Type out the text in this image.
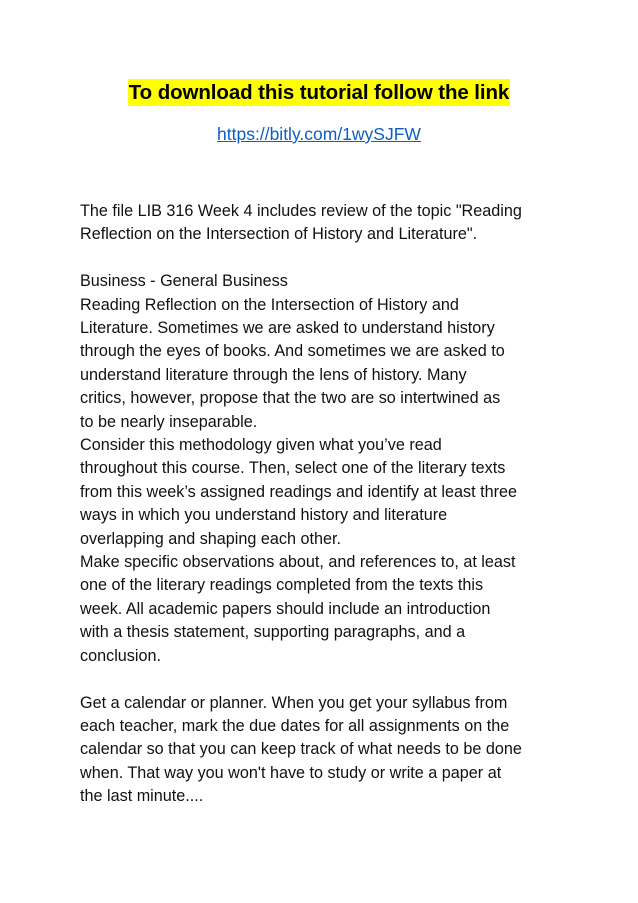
To download this tutorial follow the link
https://bitly.com/1wySJFW
The file LIB 316 Week 4 includes review of the topic "Reading
Reflection on the Intersection of History and Literature".
Business - General Business
Reading Reflection on the Intersection of History and
Literature. Sometimes we are asked to understand history
through the eyes of books. And sometimes we are asked to
understand literature through the lens of history. Many
critics, however, propose that the two are so intertwined as
to be nearly inseparable.
Consider this methodology given what you’ve read
throughout this course. Then, select one of the literary texts
from this week’s assigned readings and identify at least three
ways in which you understand history and literature
overlapping and shaping each other.
Make specific observations about, and references to, at least
one of the literary readings completed from the texts this
week. All academic papers should include an introduction
with a thesis statement, supporting paragraphs, and a
conclusion.
Get a calendar or planner. When you get your syllabus from
each teacher, mark the due dates for all assignments on the
calendar so that you can keep track of what needs to be done
when. That way you won't have to study or write a paper at
the last minute....
